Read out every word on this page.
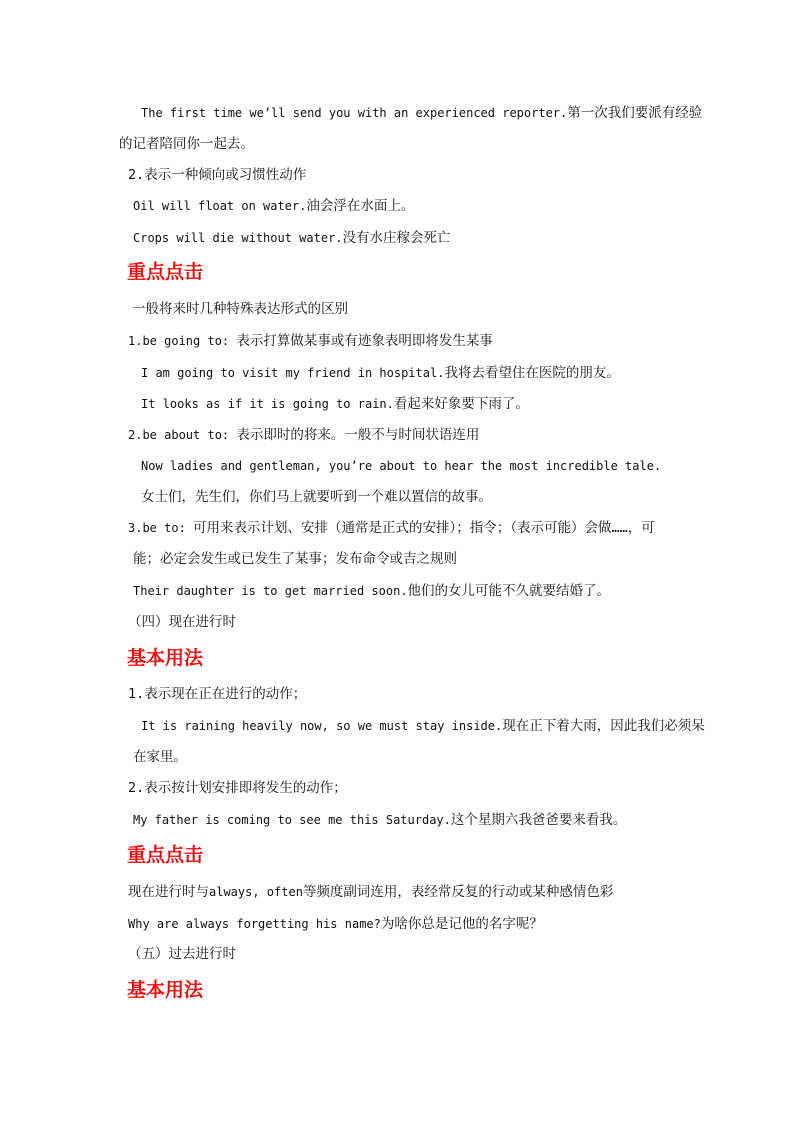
The first time we’ll send you with an experienced reporter.第一次我们要派有经验
的记者陪同你一起去。
2.表示一种倾向或习惯性动作
Oil will float on water.油会浮在水面上。
Crops will die without water.没有水庄稼会死亡
重点点击
一般将来时几种特殊表达形式的区别
1.be going to: 表示打算做某事或有迹象表明即将发生某事
I am going to visit my friend in hospital.我将去看望住在医院的朋友。
It looks as if it is going to rain.看起来好象要下雨了。
2.be about to: 表示即时的将来。一般不与时间状语连用
Now ladies and gentleman, you’re about to hear the most incredible tale.
女士们，先生们，你们马上就要听到一个难以置信的故事。
3.be to: 可用来表示计划、安排（通常是正式的安排）；指令；（表示可能）会做……，可
能；必定会发生或已发生了某事；发布命令或吉之规则
Their daughter is to get married soon.他们的女儿可能不久就要结婚了。
（四）现在进行时
基本用法
1.表示现在正在进行的动作；
It is raining heavily now, so we must stay inside.现在正下着大雨，因此我们必须呆
在家里。
2.表示按计划安排即将发生的动作；
My father is coming to see me this Saturday.这个星期六我爸爸要来看我。
重点点击
现在进行时与always, often等频度副词连用，表经常反复的行动或某种感情色彩
Why are always forgetting his name?为啥你总是记他的名字呢？
（五）过去进行时
基本用法
